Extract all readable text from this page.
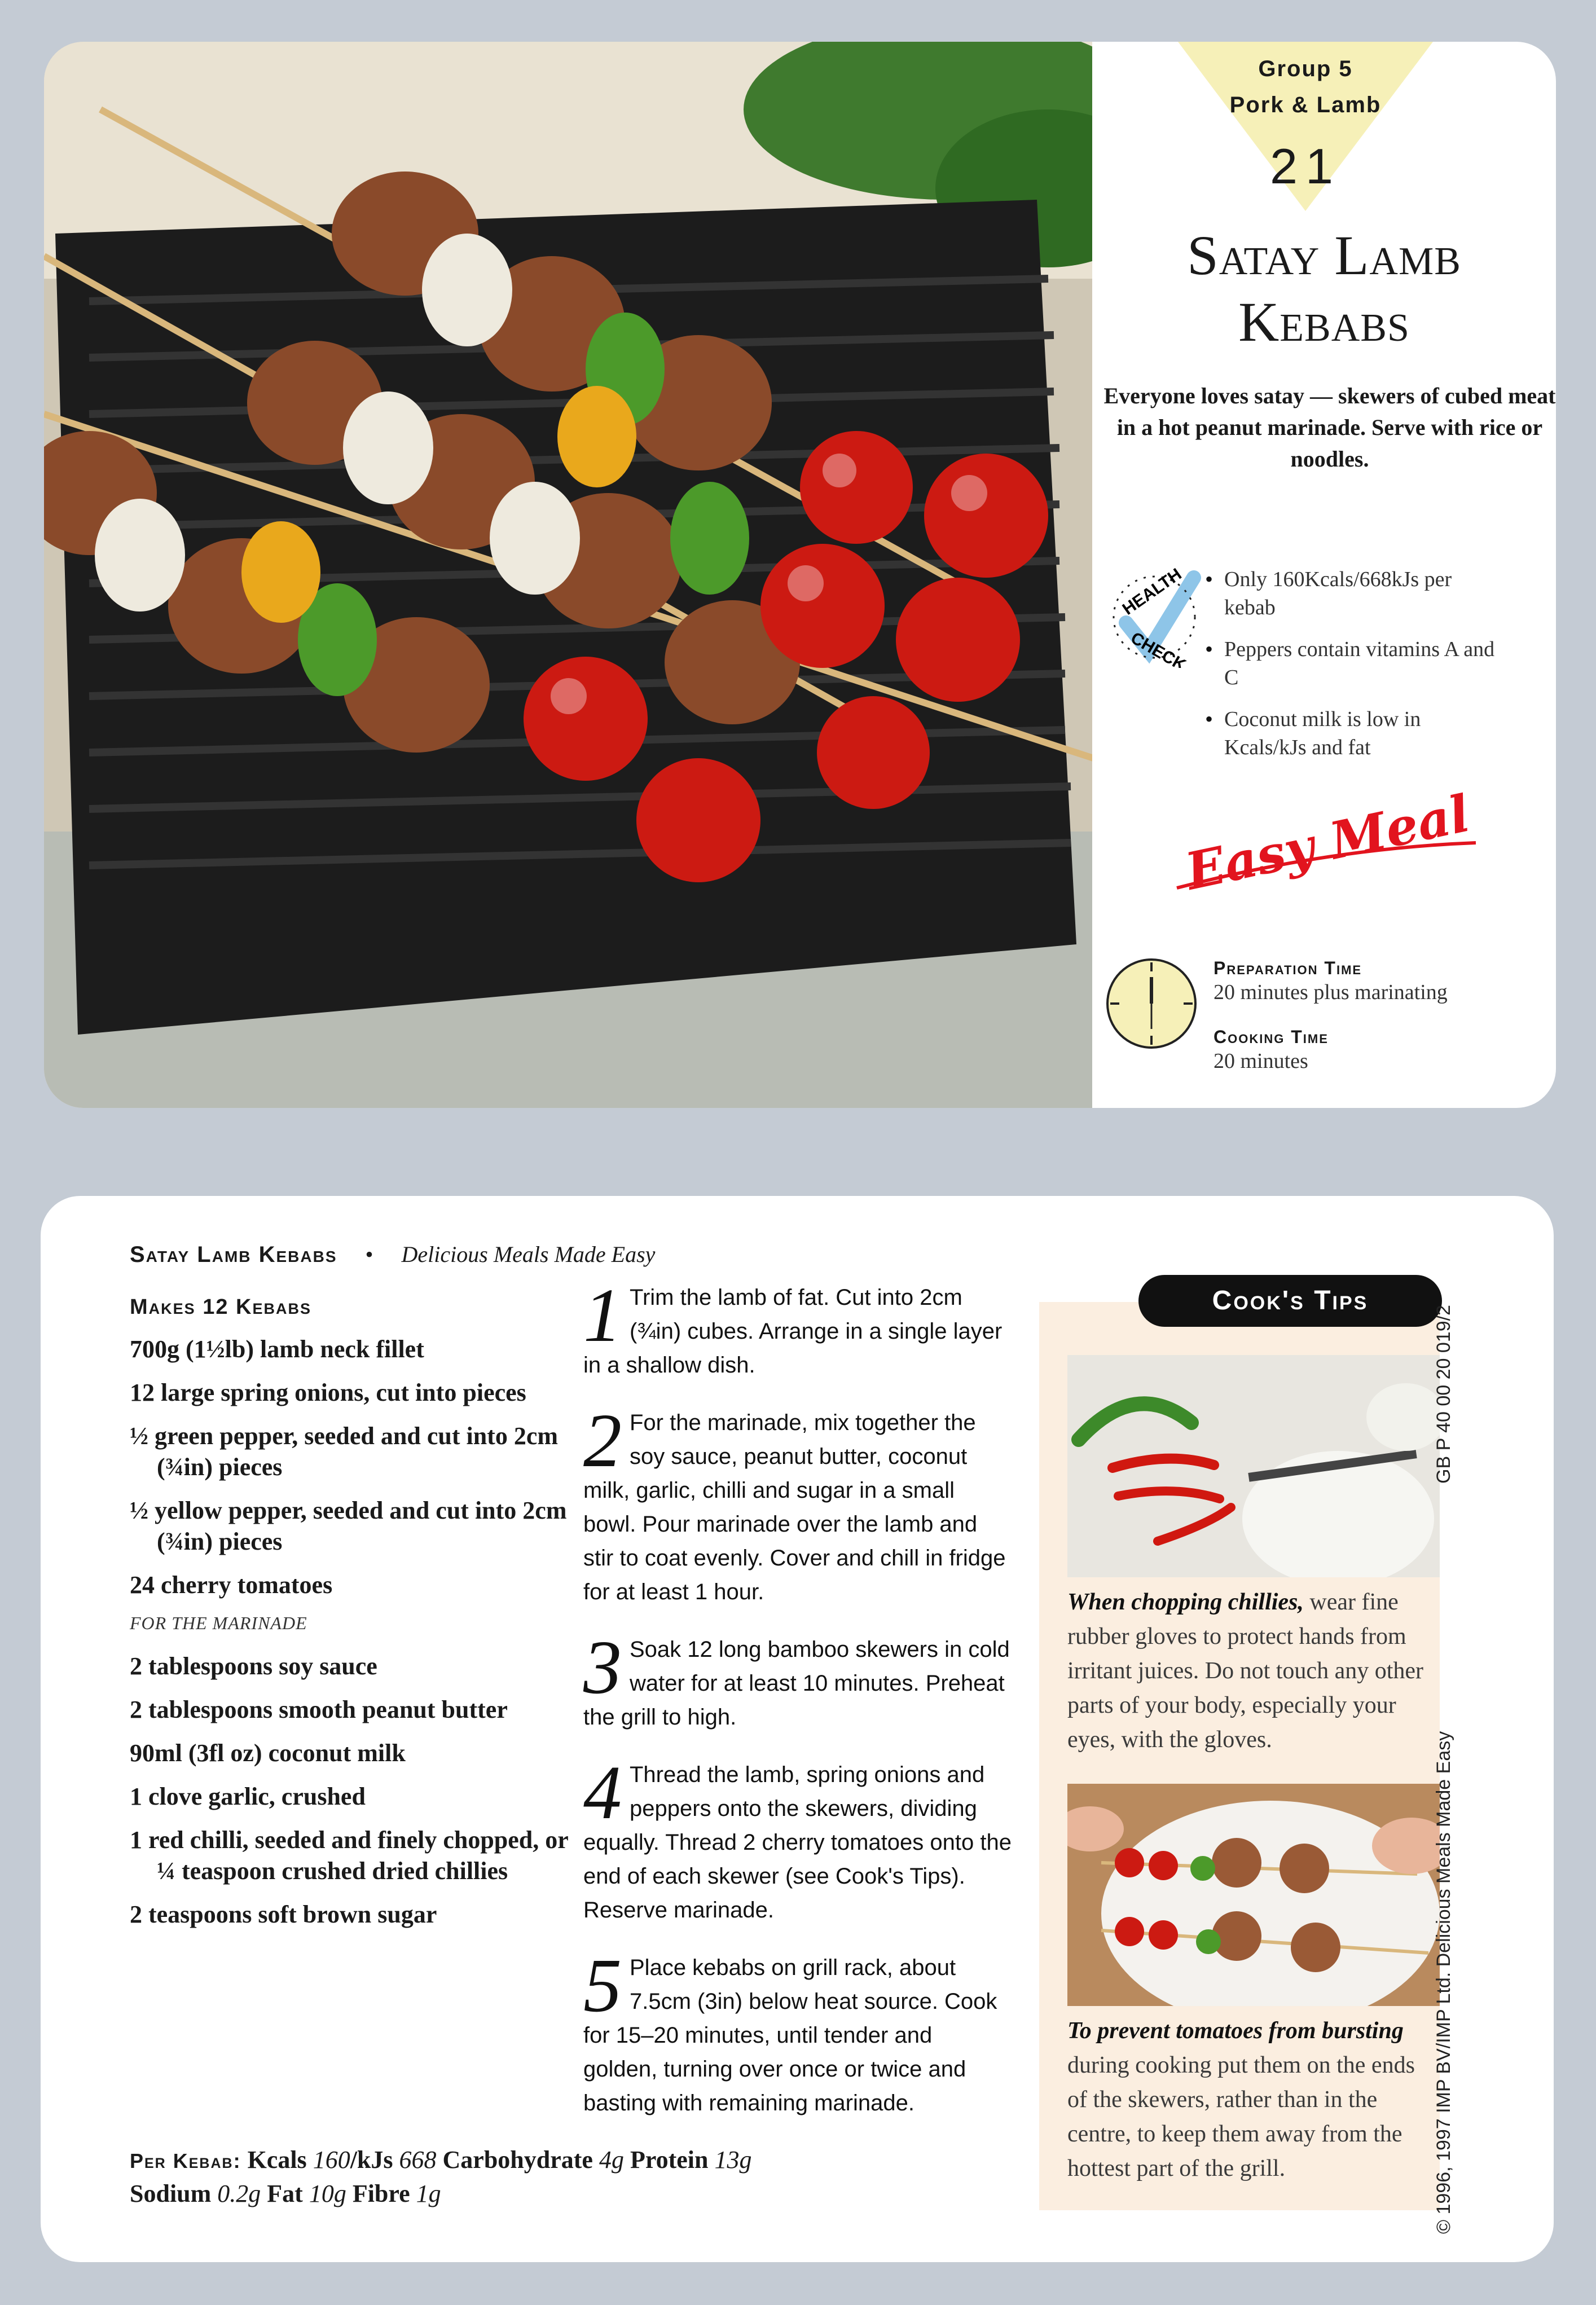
Group 5
Pork & Lamb
21
Satay Lamb
Kebabs
Everyone loves satay — skewers of cubed meat in a hot peanut marinade. Serve with rice or noodles.
HEALTH
CHECK
• Only 160Kcals/668kJs per kebab
• Peppers contain vitamins A and C
• Coconut milk is low in Kcals/kJs and fat
Easy Meal
Preparation Time
20 minutes plus marinating
Cooking Time
20 minutes
Satay Lamb Kebabs • Delicious Meals Made Easy
Makes 12 Kebabs
700g (1½lb) lamb neck fillet
12 large spring onions, cut into pieces
½ green pepper, seeded and cut into 2cm (¾in) pieces
½ yellow pepper, seeded and cut into 2cm (¾in) pieces
24 cherry tomatoes
FOR THE MARINADE
2 tablespoons soy sauce
2 tablespoons smooth peanut butter
90ml (3fl oz) coconut milk
1 clove garlic, crushed
1 red chilli, seeded and finely chopped, or ¼ teaspoon crushed dried chillies
2 teaspoons soft brown sugar
1 Trim the lamb of fat. Cut into 2cm (¾in) cubes. Arrange in a single layer in a shallow dish.
2 For the marinade, mix together the soy sauce, peanut butter, coconut milk, garlic, chilli and sugar in a small bowl. Pour marinade over the lamb and stir to coat evenly. Cover and chill in fridge for at least 1 hour.
3 Soak 12 long bamboo skewers in cold water for at least 10 minutes. Preheat the grill to high.
4 Thread the lamb, spring onions and peppers onto the skewers, dividing equally. Thread 2 cherry tomatoes onto the end of each skewer (see Cook's Tips). Reserve marinade.
5 Place kebabs on grill rack, about 7.5cm (3in) below heat source. Cook for 15–20 minutes, until tender and golden, turning over once or twice and basting with remaining marinade.
Per Kebab: Kcals 160/kJs 668 Carbohydrate 4g Protein 13g
Sodium 0.2g Fat 10g Fibre 1g
Cook's Tips
When chopping chillies, wear fine rubber gloves to protect hands from irritant juices. Do not touch any other parts of your body, especially your eyes, with the gloves.
To prevent tomatoes from bursting during cooking put them on the ends of the skewers, rather than in the centre, to keep them away from the hottest part of the grill.
GB P 40 00 20 019/2
© 1996, 1997 IMP BV/IMP Ltd. Delicious Meals Made Easy
